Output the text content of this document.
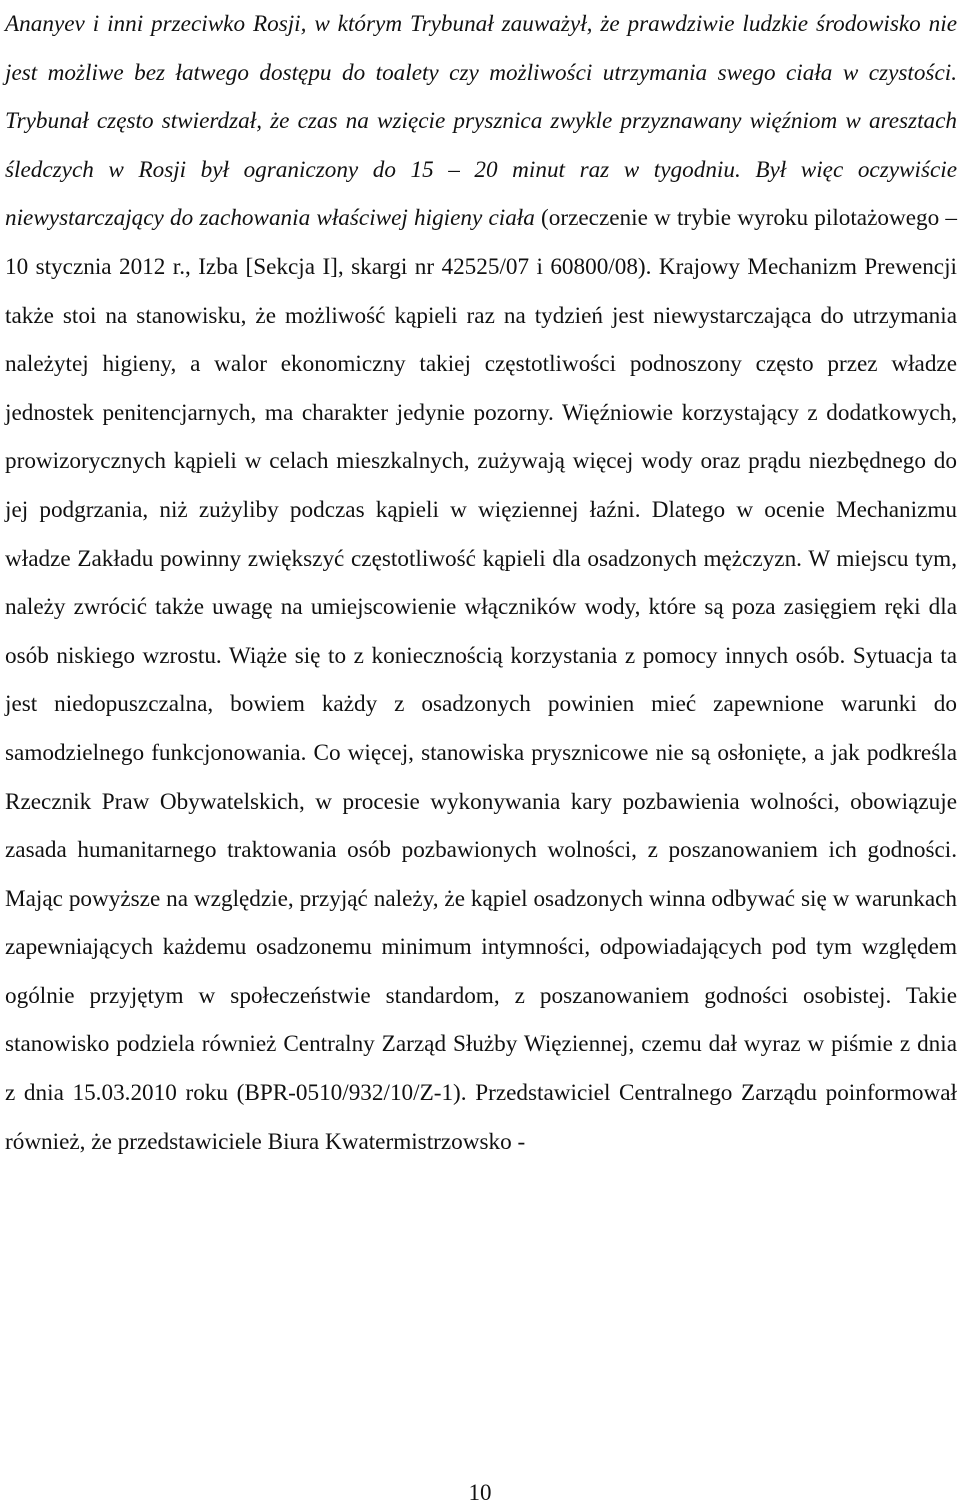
Ananyev i inni przeciwko Rosji, w którym Trybunał zauważył, że prawdziwie ludzkie środowisko nie jest możliwe bez łatwego dostępu do toalety czy możliwości utrzymania swego ciała w czystości. Trybunał często stwierdzał, że czas na wzięcie prysznica zwykle przyznawany więźniom w aresztach śledczych w Rosji był ograniczony do 15 – 20 minut raz w tygodniu. Był więc oczywiście niewystarczający do zachowania właściwej higieny ciała (orzeczenie w trybie wyroku pilotażowego – 10 stycznia 2012 r., Izba [Sekcja I], skargi nr 42525/07 i 60800/08). Krajowy Mechanizm Prewencji także stoi na stanowisku, że możliwość kąpieli raz na tydzień jest niewystarczająca do utrzymania należytej higieny, a walor ekonomiczny takiej częstotliwości podnoszony często przez władze jednostek penitencjarnych, ma charakter jedynie pozorny. Więźniowie korzystający z dodatkowych, prowizorycznych kąpieli w celach mieszkalnych, zużywają więcej wody oraz prądu niezbędnego do jej podgrzania, niż zużyliby podczas kąpieli w więziennej łaźni. Dlatego w ocenie Mechanizmu władze Zakładu powinny zwiększyć częstotliwość kąpieli dla osadzonych mężczyzn. W miejscu tym, należy zwrócić także uwagę na umiejscowienie włączników wody, które są poza zasięgiem ręki dla osób niskiego wzrostu. Wiąże się to z koniecznością korzystania z pomocy innych osób. Sytuacja ta jest niedopuszczalna, bowiem każdy z osadzonych powinien mieć zapewnione warunki do samodzielnego funkcjonowania. Co więcej, stanowiska prysznicowe nie są osłonięte, a jak podkreśla Rzecznik Praw Obywatelskich, w procesie wykonywania kary pozbawienia wolności, obowiązuje zasada humanitarnego traktowania osób pozbawionych wolności, z poszanowaniem ich godności. Mając powyższe na względzie, przyjąć należy, że kąpiel osadzonych winna odbywać się w warunkach zapewniających każdemu osadzonemu minimum intymności, odpowiadających pod tym względem ogólnie przyjętym w społeczeństwie standardom, z poszanowaniem godności osobistej. Takie stanowisko podziela również Centralny Zarząd Służby Więziennej, czemu dał wyraz w piśmie z dnia z dnia 15.03.2010 roku (BPR-0510/932/10/Z-1). Przedstawiciel Centralnego Zarządu poinformował również, że przedstawiciele Biura Kwatermistrzowsko -

10
